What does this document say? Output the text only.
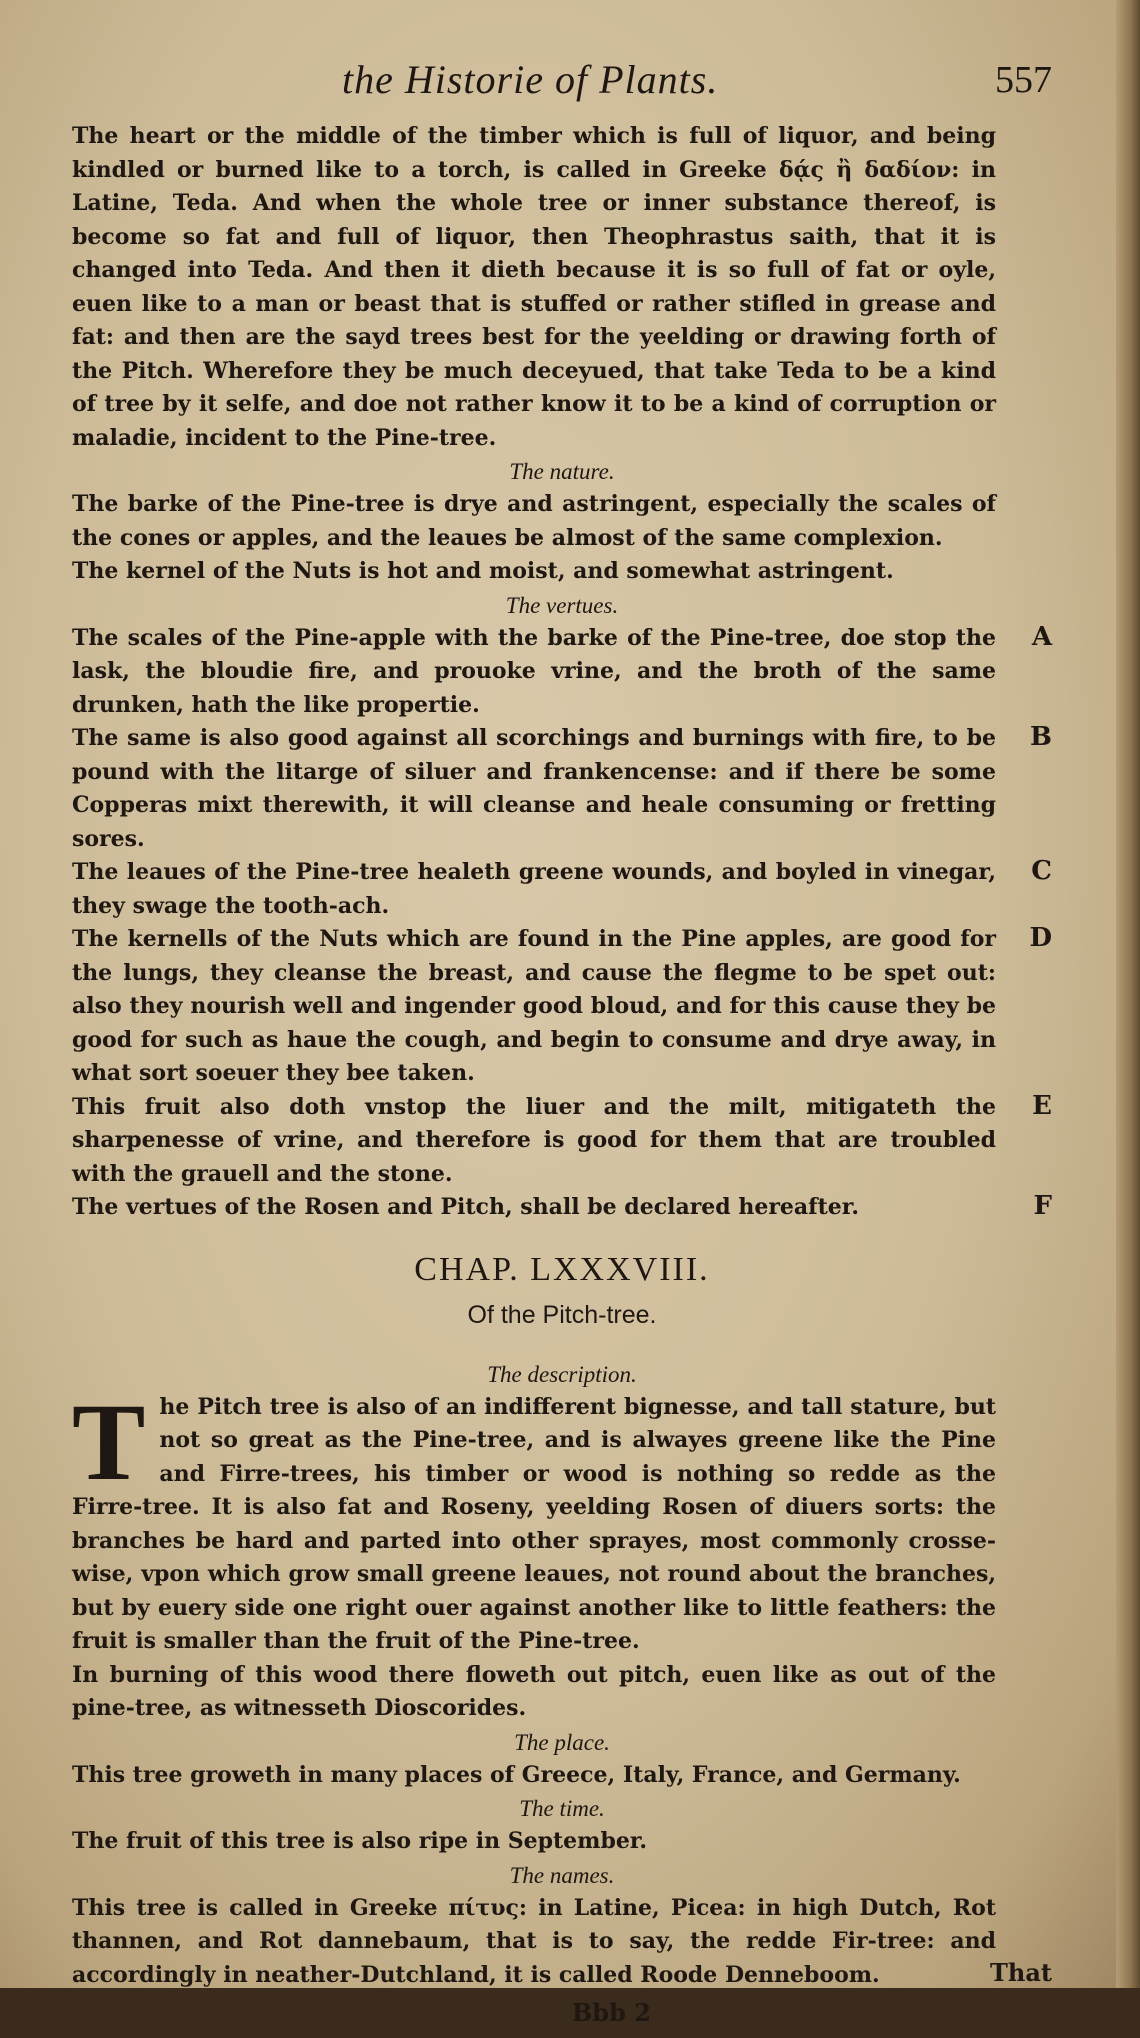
the Historie of Plants.	557

The heart or the middle of the timber which is full of liquor, and being kindled or burned like to a torch, is called in Greeke δᾴς ἢ δαδίον: in Latine, Teda. And when the whole tree or inner substance thereof, is become so fat and full of liquor, then Theophrastus saith, that it is changed into Teda. And then it dieth because it is so full of fat or oyle, euen like to a man or beast that is stuffed or rather stifled in grease and fat: and then are the sayd trees best for the yeelding or drawing forth of the Pitch. Wherefore they be much deceyued, that take Teda to be a kind of tree by it selfe, and doe not rather know it to be a kind of corruption or maladie, incident to the Pine-tree.

The nature.

The barke of the Pine-tree is drye and astringent, especially the scales of the cones or apples, and the leaues be almost of the same complexion.

The kernel of the Nuts is hot and moist, and somewhat astringent.

The vertues.

The scales of the Pine-apple with the barke of the Pine-tree, doe stop the lask, the bloudie fire, and prouoke vrine, and the broth of the same drunken, hath the like propertie.

A

The same is also good against all scorchings and burnings with fire, to be pound with the litarge of siluer and frankencense: and if there be some Copperas mixt therewith, it will cleanse and heale consuming or fretting sores.

B

The leaues of the Pine-tree healeth greene wounds, and boyled in vinegar, they swage the tooth-ach.

C

The kernells of the Nuts which are found in the Pine apples, are good for the lungs, they cleanse the breast, and cause the flegme to be spet out: also they nourish well and ingender good bloud, and for this cause they be good for such as haue the cough, and begin to consume and drye away, in what sort soeuer they bee taken.

D

This fruit also doth vnstop the liuer and the milt, mitigateth the sharpenesse of vrine, and therefore is good for them that are troubled with the grauell and the stone.

E

The vertues of the Rosen and Pitch, shall be declared hereafter.	F
CHAP. LXXXVIII.
Of the Pitch-tree.

The description.

The Pitch tree is also of an indifferent bignesse, and tall stature, but not so great as the Pine-tree, and is alwayes greene like the Pine and Firre-trees, his timber or wood is nothing so redde as the Firre-tree. It is also fat and Roseny, yeelding Rosen of diuers sorts: the branches be hard and parted into other sprayes, most commonly crosse-wise, vpon which grow small greene leaues, not round about the branches, but by euery side one right ouer against another like to little feathers: the fruit is smaller than the fruit of the Pine-tree.

In burning of this wood there floweth out pitch, euen like as out of the pine-tree, as witnesseth Dioscorides.

The place.

This tree groweth in many places of Greece, Italy, France, and Germany.

The time.

The fruit of this tree is also ripe in September.

The names.

This tree is called in Greeke πίτυς: in Latine, Picea: in high Dutch, Rot thannen, and Rot dannebaum, that is to say, the redde Fir-tree: and accordingly in neather-Dutchland, it is called Roode Denneboom.	That
Bbb 2
